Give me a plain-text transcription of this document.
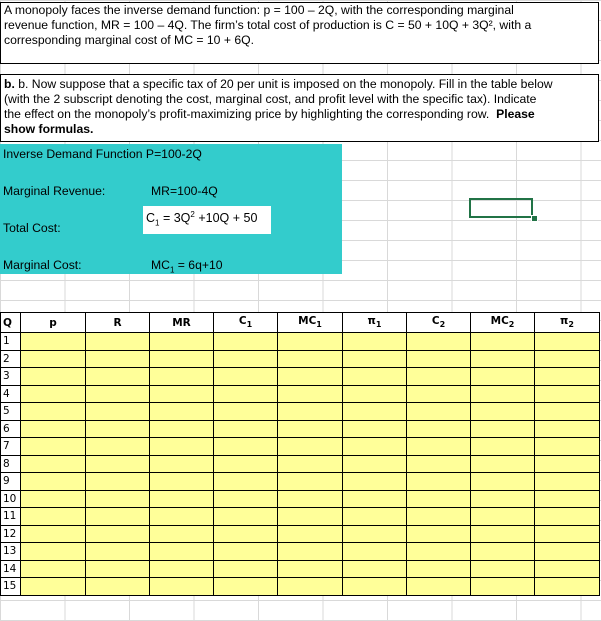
A monopoly faces the inverse demand function: p = 100 – 2Q, with the corresponding marginal
revenue function, MR = 100 – 4Q. The firm’s total cost of production is C = 50 + 10Q + 3Q², with a
corresponding marginal cost of MC = 10 + 6Q.
b. b. Now suppose that a specific tax of 20 per unit is imposed on the monopoly. Fill in the table below
(with the 2 subscript denoting the cost, marginal cost, and profit level with the specific tax). Indicate
the effect on the monopoly’s profit-maximizing price by highlighting the corresponding row. Please
show formulas.
Inverse Demand Function P=100-2Q
Marginal Revenue:	MR=100-4Q
Total Cost:
$C_1 = 3Q^2 +10Q + 50$
Marginal Cost:	$MC_1 = 6q+10$
Q	p	R	MR	$C_1$	$MC_1$	$\pi_1$	$C_2$	$MC_2$	$\pi_2$
1									
2									
3									
4									
5									
6									
7									
8									
9									
10									
11									
12									
13									
14									
15									
